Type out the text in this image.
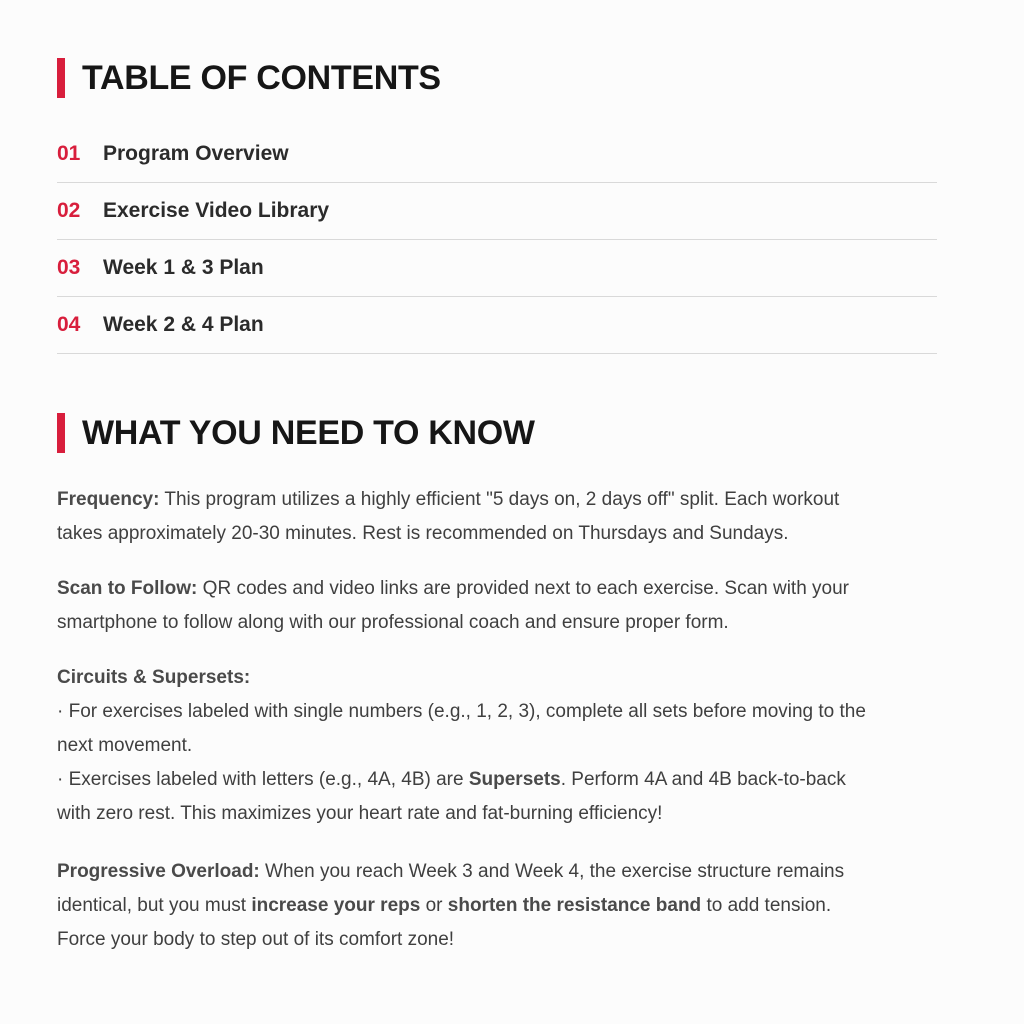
TABLE OF CONTENTS
01	Program Overview
02	Exercise Video Library
03	Week 1 & 3 Plan
04	Week 2 & 4 Plan
WHAT YOU NEED TO KNOW
Frequency: This program utilizes a highly efficient "5 days on, 2 days off" split. Each workout
takes approximately 20-30 minutes. Rest is recommended on Thursdays and Sundays.
Scan to Follow: QR codes and video links are provided next to each exercise. Scan with your
smartphone to follow along with our professional coach and ensure proper form.
Circuits & Supersets:
· For exercises labeled with single numbers (e.g., 1, 2, 3), complete all sets before moving to the
next movement.
· Exercises labeled with letters (e.g., 4A, 4B) are Supersets. Perform 4A and 4B back-to-back
with zero rest. This maximizes your heart rate and fat-burning efficiency!
Progressive Overload: When you reach Week 3 and Week 4, the exercise structure remains
identical, but you must increase your reps or shorten the resistance band to add tension.
Force your body to step out of its comfort zone!
